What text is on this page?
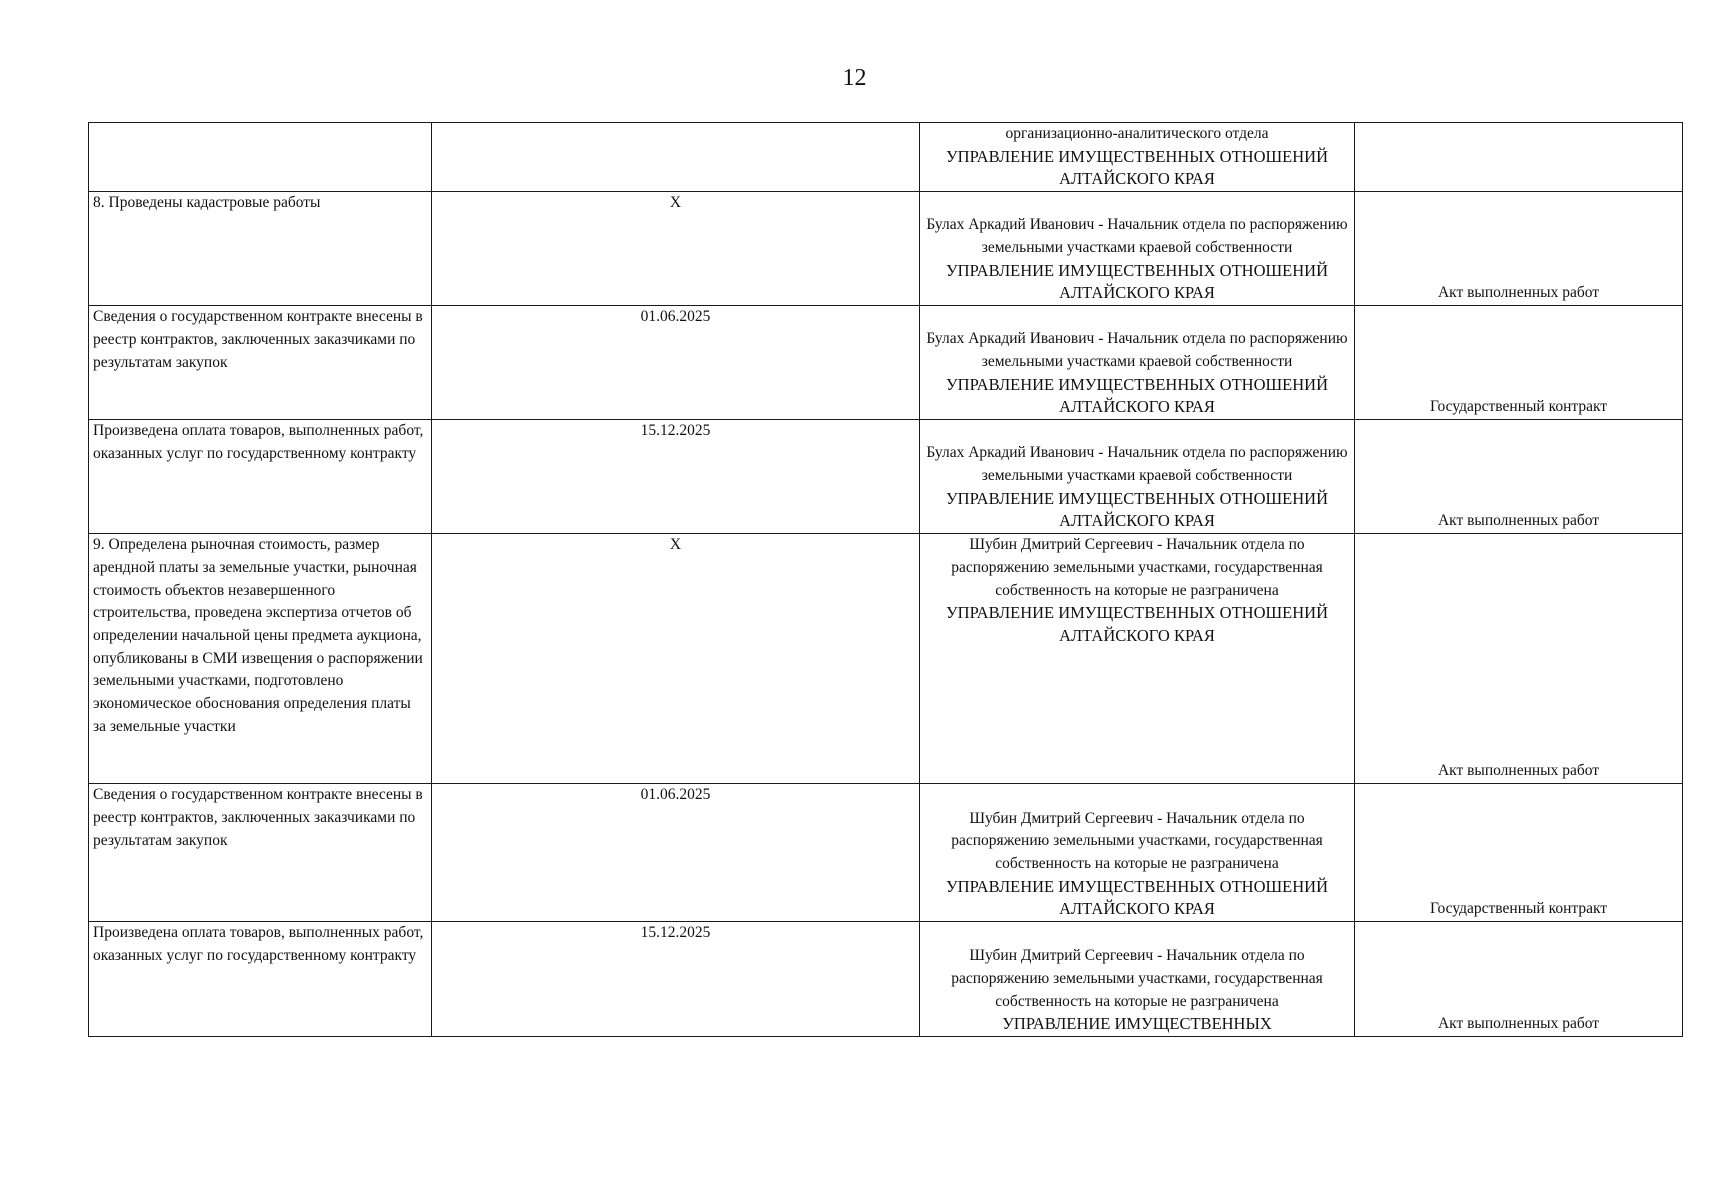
12

		организационно-аналитического отдела
УПРАВЛЕНИЕ ИМУЩЕСТВЕННЫХ ОТНОШЕНИЙ АЛТАЙСКОГО КРАЯ	

8. Проведены кадастровые работы	X	Булах Аркадий Иванович - Начальник отдела по распоряжению земельными участками краевой собственности
УПРАВЛЕНИЕ ИМУЩЕСТВЕННЫХ ОТНОШЕНИЙ АЛТАЙСКОГО КРАЯ	Акт выполненных работ

Сведения о государственном контракте внесены в реестр контрактов, заключенных заказчиками по результатам закупок	01.06.2025	Булах Аркадий Иванович - Начальник отдела по распоряжению земельными участками краевой собственности
УПРАВЛЕНИЕ ИМУЩЕСТВЕННЫХ ОТНОШЕНИЙ АЛТАЙСКОГО КРАЯ	Государственный контракт

Произведена оплата товаров, выполненных работ, оказанных услуг по государственному контракту	15.12.2025	Булах Аркадий Иванович - Начальник отдела по распоряжению земельными участками краевой собственности
УПРАВЛЕНИЕ ИМУЩЕСТВЕННЫХ ОТНОШЕНИЙ АЛТАЙСКОГО КРАЯ	Акт выполненных работ

9. Определена рыночная стоимость, размер арендной платы за земельные участки, рыночная стоимость объектов незавершенного строительства, проведена экспертиза отчетов об определении начальной цены предмета аукциона, опубликованы в СМИ извещения о распоряжении земельными участками, подготовлено экономическое обоснования определения платы за земельные участки	X	Шубин Дмитрий Сергеевич - Начальник отдела по распоряжению земельными участками, государственная собственность на которые не разграничена
УПРАВЛЕНИЕ ИМУЩЕСТВЕННЫХ ОТНОШЕНИЙ АЛТАЙСКОГО КРАЯ	Акт выполненных работ

Сведения о государственном контракте внесены в реестр контрактов, заключенных заказчиками по результатам закупок	01.06.2025	Шубин Дмитрий Сергеевич - Начальник отдела по распоряжению земельными участками, государственная собственность на которые не разграничена
УПРАВЛЕНИЕ ИМУЩЕСТВЕННЫХ ОТНОШЕНИЙ АЛТАЙСКОГО КРАЯ	Государственный контракт

Произведена оплата товаров, выполненных работ, оказанных услуг по государственному контракту	15.12.2025	Шубин Дмитрий Сергеевич - Начальник отдела по распоряжению земельными участками, государственная собственность на которые не разграничена
УПРАВЛЕНИЕ ИМУЩЕСТВЕННЫХ	Акт выполненных работ
